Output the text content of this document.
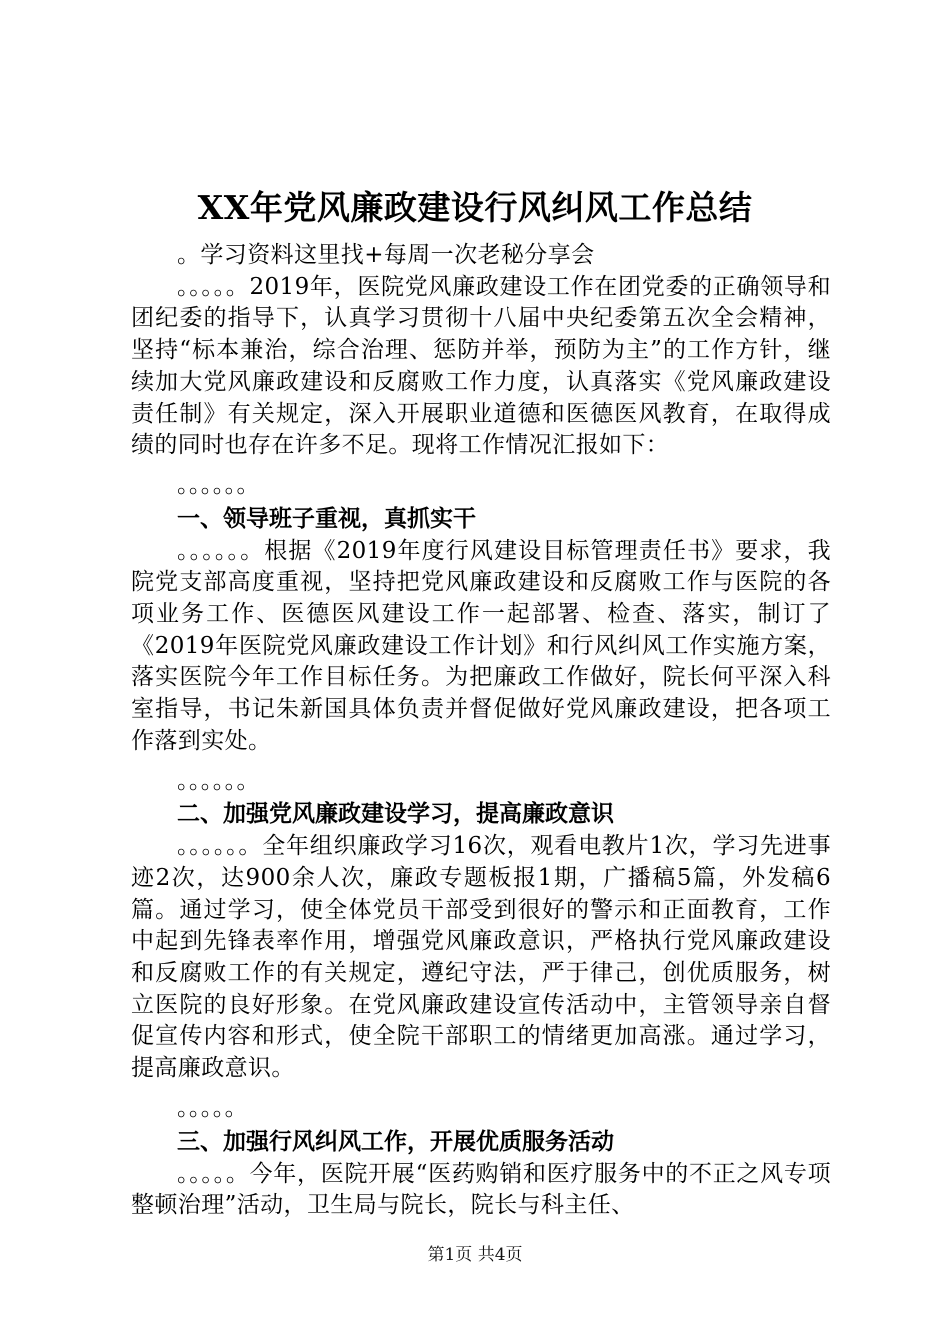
XX年党风廉政建设行风纠风工作总结

。学习资料这里找+每周一次老秘分享会

。。。。。2019年，医院党风廉政建设工作在团党委的正确领导和团纪委的指导下，认真学习贯彻十八届中央纪委第五次全会精神，坚持“标本兼治，综合治理、惩防并举，预防为主”的工作方针，继续加大党风廉政建设和反腐败工作力度，认真落实《党风廉政建设责任制》有关规定，深入开展职业道德和医德医风教育，在取得成绩的同时也存在许多不足。现将工作情况汇报如下：

。。。。。。
一、领导班子重视，真抓实干

。。。。。。根据《2019年度行风建设目标管理责任书》要求，我院党支部高度重视，坚持把党风廉政建设和反腐败工作与医院的各项业务工作、医德医风建设工作一起部署、检查、落实，制订了《2019年医院党风廉政建设工作计划》和行风纠风工作实施方案，落实医院今年工作目标任务。为把廉政工作做好，院长何平深入科室指导，书记朱新国具体负责并督促做好党风廉政建设，把各项工作落到实处。

。。。。。。
二、加强党风廉政建设学习，提高廉政意识

。。。。。。全年组织廉政学习16次，观看电教片1次，学习先进事迹2次，达900余人次，廉政专题板报1期，广播稿5篇，外发稿6篇。通过学习，使全体党员干部受到很好的警示和正面教育，工作中起到先锋表率作用，增强党风廉政意识，严格执行党风廉政建设和反腐败工作的有关规定，遵纪守法，严于律己，创优质服务，树立医院的良好形象。在党风廉政建设宣传活动中，主管领导亲自督促宣传内容和形式，使全院干部职工的情绪更加高涨。通过学习，提高廉政意识。

。。。。。
三、加强行风纠风工作，开展优质服务活动

。。。。。今年，医院开展“医药购销和医疗服务中的不正之风专项整顿治理”活动，卫生局与院长，院长与科主任、

第1页 共4页
